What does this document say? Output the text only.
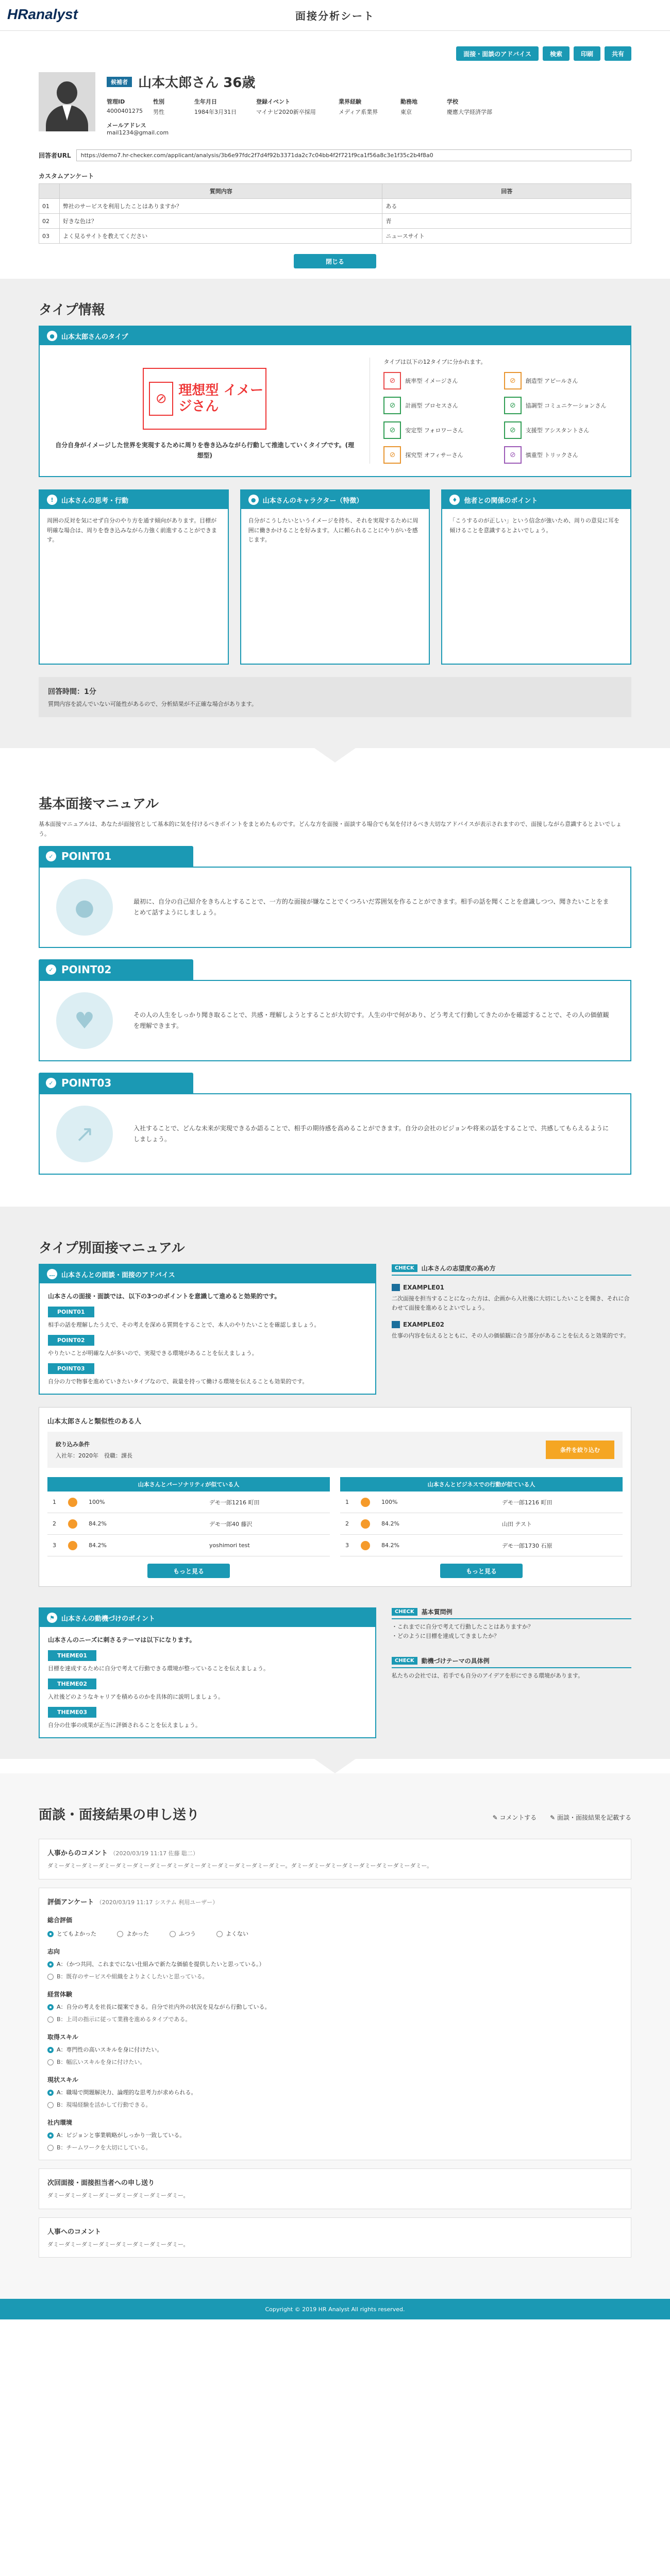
HRanalyst	面接分析シート
面接・面談のアドバイス	検索	印刷	共有
候補者 山本太郎さん 36歳
管理ID	性別	生年月日	登録イベント	業界経験	勤務地	学校
4000401275	男性	1984年3月31日	マイナビ2020新卒採用	メディア系業界	東京	慶應大学経済学部
メールアドレス
mail1234@gmail.com
回答者URL	https://demo7.hr-checker.com/applicant/analysis/3b6e97fdc2f7d4f92b3371da2c7c04bb4f2f721f9ca1f56a8c3e1f35c2b4f8a0
カスタムアンケート
	質問内容	回答
01	弊社のサービスを利用したことはありますか？	ある
02	好きな色は？	青
03	よく見るサイトを教えてください	ニュースサイト
閉じる
タイプ情報
●	山本太郎さんのタイプ
⊘
理想型 イメージさん
自分自身がイメージした世界を実現するために周りを巻き込みながら行動して推進していくタイプです。(理想型)
タイプは以下の12タイプに分かれます。
⊘	統率型 イメージさん	⊘	創造型 アピールさん
⊘	計画型 プロセスさん	⊘	協調型 コミュニケーションさん
⊘	安定型 フォロワーさん	⊘	支援型 アシスタントさん
⊘	探究型 オフィサーさん	⊘	慎重型 トリックさん
!	山本さんの思考・行動

周囲の反対を気にせず自分のやり方を通す傾向があります。目標が明確な場合は、周りを巻き込みながら力強く前進することができます。

●	山本さんのキャラクター（特徴）

自分がこうしたいというイメージを持ち、それを実現するために周囲に働きかけることを好みます。人に頼られることにやりがいを感じます。

♦	他者との関係のポイント

「こうするのが正しい」という信念が強いため、周りの意見に耳を傾けることを意識するとよいでしょう。

回答時間：1分
質問内容を読んでいない可能性があるので、分析結果が不正確な場合があります。
基本面接マニュアル
基本面接マニュアルは、あなたが面接官として基本的に気を付けるべきポイントをまとめたものです。どんな方を面接・面談する場合でも気を付けるべき大切なアドバイスが表示されますので、面接しながら意識するとよいでしょう。
✓ POINT01
●	最初に、自分の自己紹介をきちんとすることで、一方的な面接が嫌なことでくつろいだ雰囲気を作ることができます。相手の話を聞くことを意識しつつ、聞きたいことをまとめて話すようにしましょう。

✓ POINT02
♥	その人の人生をしっかり聞き取ることで、共感・理解しようとすることが大切です。人生の中で何があり、どう考えて行動してきたのかを確認することで、その人の価値観を理解できます。

✓ POINT03
↗	入社することで、どんな未来が実現できるか語ることで、相手の期待感を高めることができます。自分の会社のビジョンや将来の話をすることで、共感してもらえるようにしましょう。

タイプ別面接マニュアル
… 山本さんとの面談・面接のアドバイス
山本さんの面接・面談では、以下の3つのポイントを意識して進めると効果的です。
POINT01
相手の話を理解したうえで、その考えを深める質問をすることで、本人のやりたいことを確認しましょう。
POINT02
やりたいことが明確な人が多いので、実現できる環境があることを伝えましょう。
POINT03
自分の力で物事を進めていきたいタイプなので、裁量を持って働ける環境を伝えることも効果的です。
CHECK	山本さんの志望度の高め方
EXAMPLE01
二次面接を担当することになった方は、企画から入社後に大切にしたいことを聞き、それに合わせて面接を進めるとよいでしょう。
EXAMPLE02
仕事の内容を伝えるとともに、その人の価値観に合う部分があることを伝えると効果的です。
山本太郎さんと類似性のある人
絞り込み条件
入社年：2020年　役職：課長
条件を絞り込む
山本さんとパーソナリティが似ている人
1	100%	デモ一郎1216 町田
2	84.2%	デモ一郎40 藤沢
3	84.2%	yoshimori test
もっと見る
山本さんとビジネスでの行動が似ている人
1	100%	デモ一郎1216 町田
2	84.2%	山田 テスト
3	84.2%	デモ一郎1730 石原
もっと見る
⚑	山本さんの動機づけのポイント
山本さんのニーズに刺さるテーマは以下になります。
THEME01
目標を達成するために自分で考えて行動できる環境が整っていることを伝えましょう。
THEME02
入社後どのようなキャリアを積めるのかを具体的に説明しましょう。
THEME03
自分の仕事の成果が正当に評価されることを伝えましょう。
CHECK	基本質問例
・これまでに自分で考えて行動したことはありますか？
・どのように目標を達成してきましたか？
CHECK	動機づけテーマの具体例
私たちの会社では、若手でも自分のアイデアを形にできる環境があります。
面談・面接結果の申し送り	✎ コメントする ✎ 面談・面接結果を記載する
人事からのコメント （2020/03/19 11:17 佐藤 聡二）
ダミーダミーダミーダミーダミーダミーダミーダミーダミーダミーダミーダミーダミーダミー。ダミーダミーダミーダミーダミーダミーダミーダミー。
評価アンケート （2020/03/19 11:17 システム 利用ユーザー）
総合評価
とてもよかった	よかった	ふつう	よくない
志向
A：（かつ共同、これまでにない仕組みで新たな価値を提供したいと思っている。）
B：既存のサービスや組織をよりよくしたいと思っている。
経営体験
A：自分の考えを社長に提案できる。自分で社内外の状況を見ながら行動している。
B：上司の指示に従って業務を進めるタイプである。
取得スキル
A：専門性の高いスキルを身に付けたい。
B：幅広いスキルを身に付けたい。
現状スキル
A：職場で問題解決力、論理的な思考力が求められる。
B：現場経験を活かして行動できる。
社内環境
A：ビジョンと事業戦略がしっかり一致している。
B：チームワークを大切にしている。
次回面接・面接担当者への申し送り
ダミーダミーダミーダミーダミーダミーダミーダミー。
人事へのコメント
ダミーダミーダミーダミーダミーダミーダミーダミー。
Copyright © 2019 HR Analyst All rights reserved.
